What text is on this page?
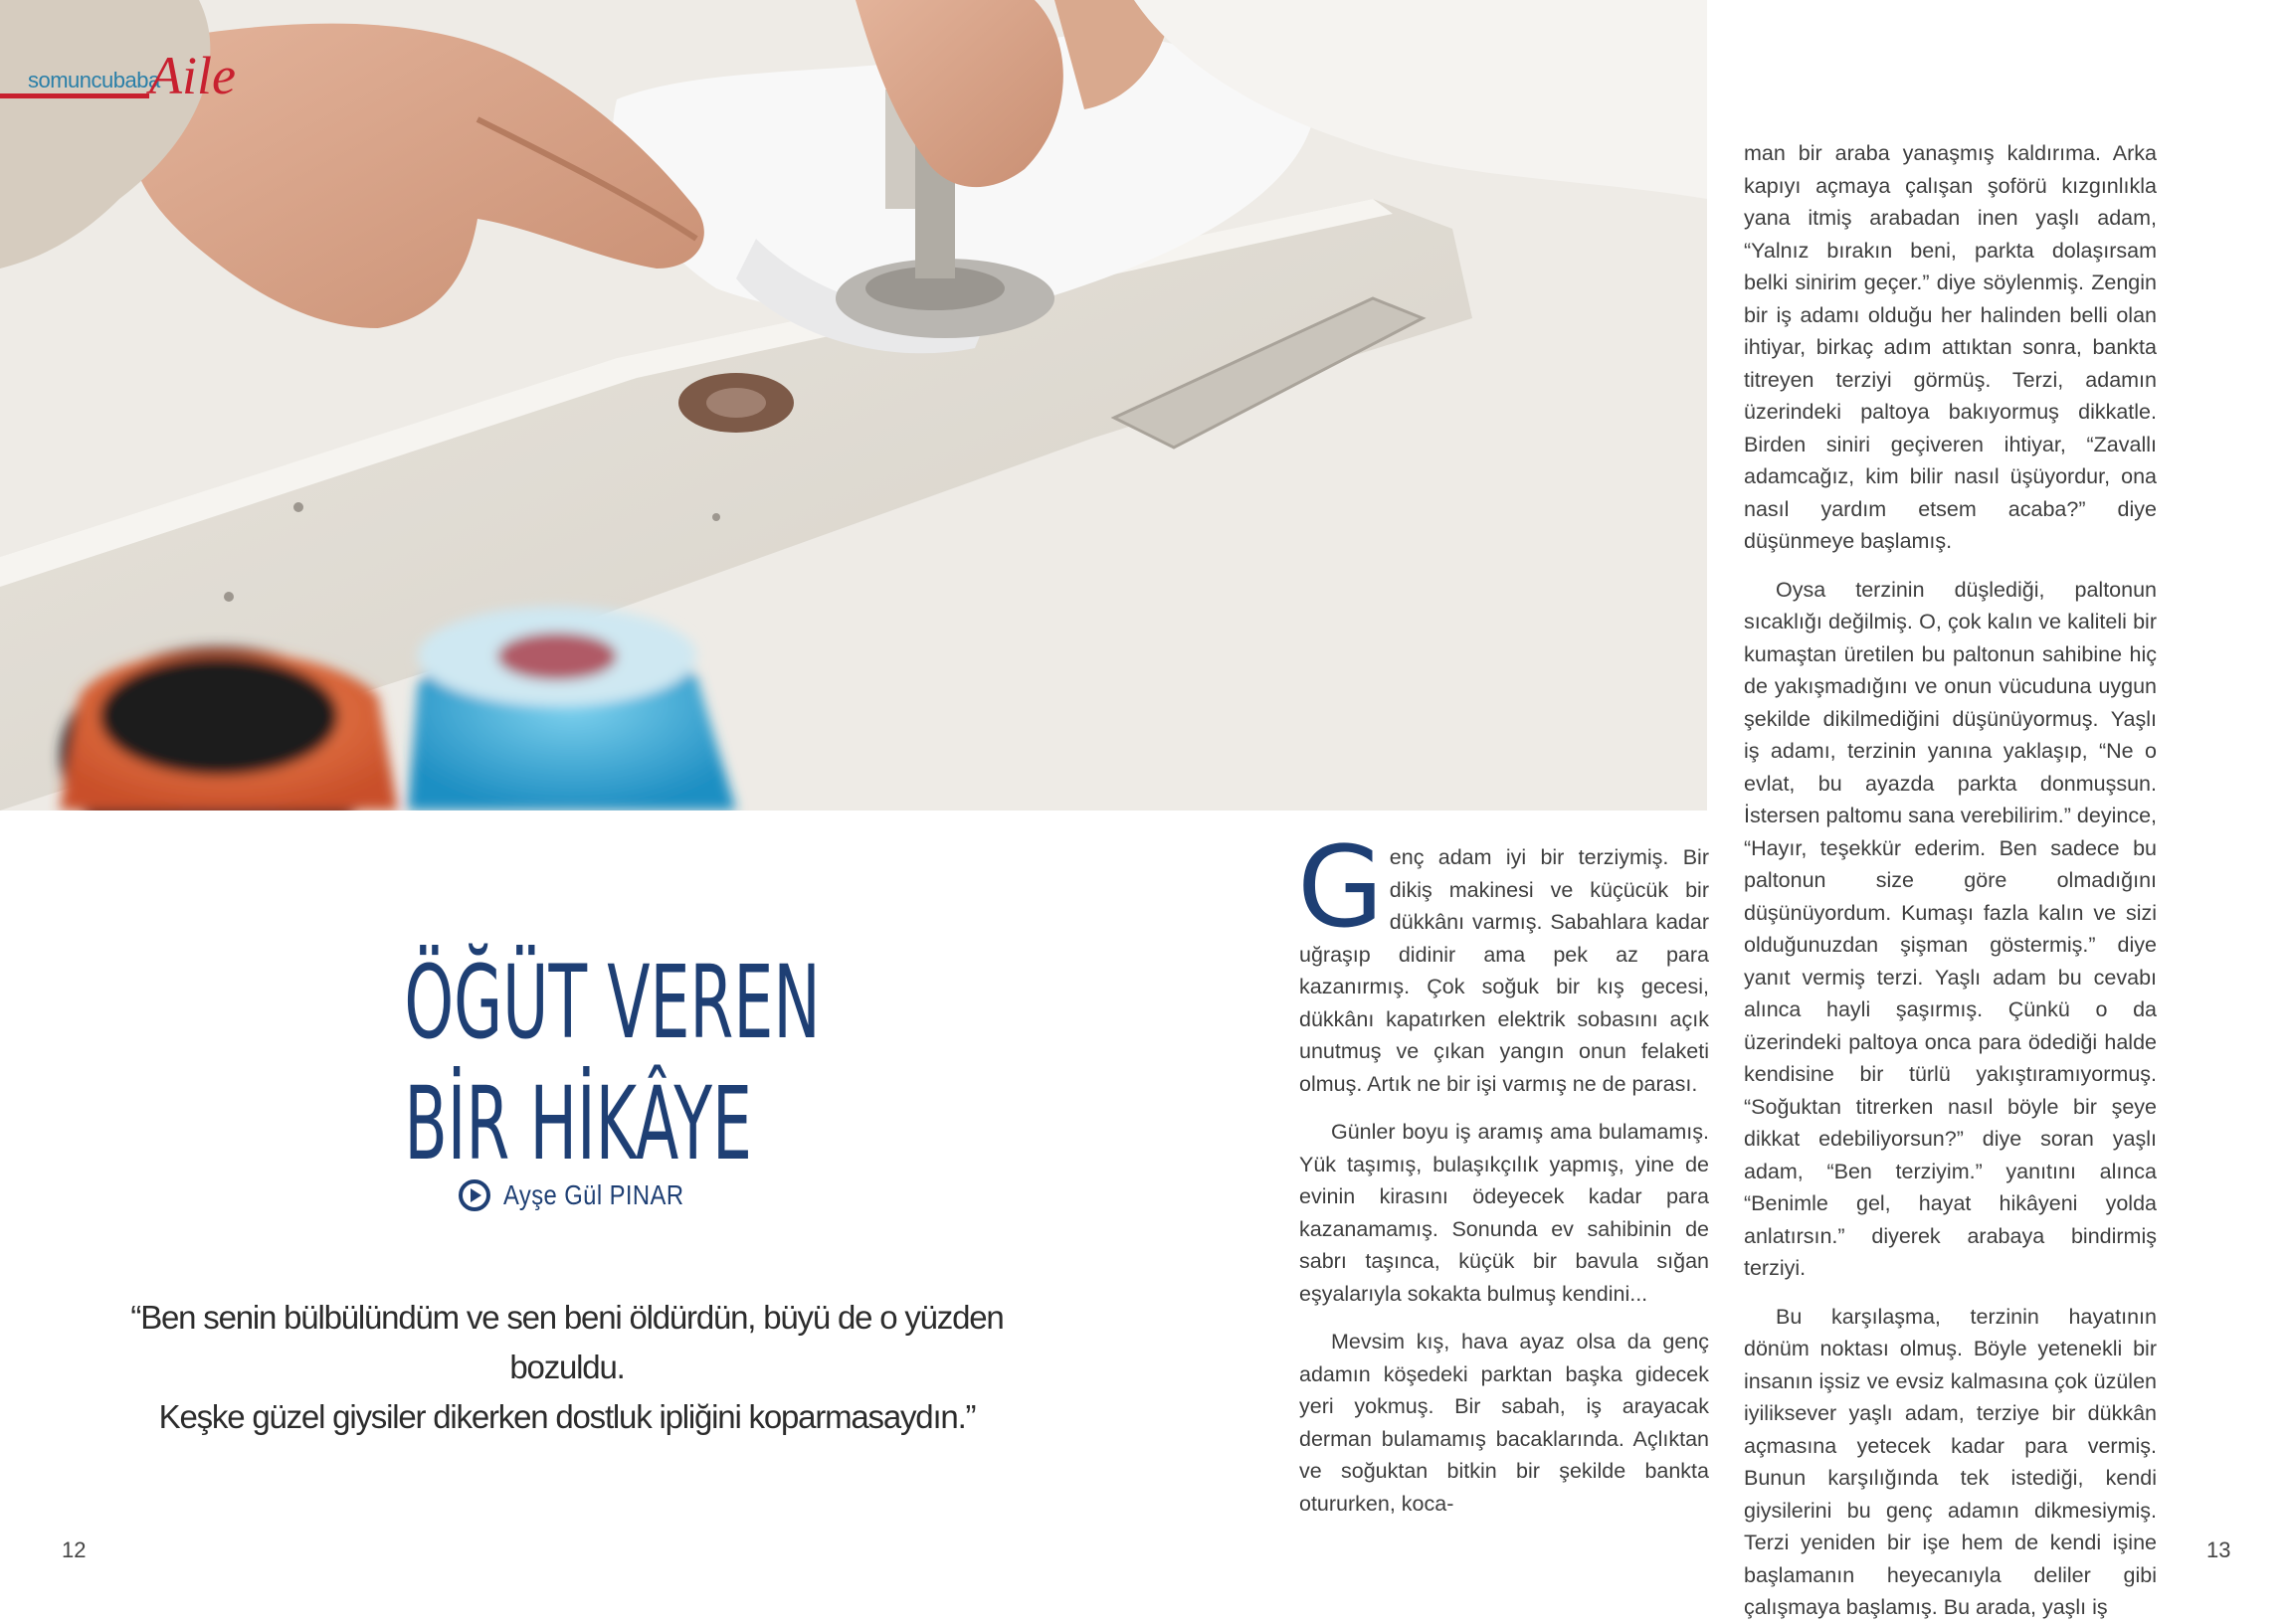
somuncubaba
Aile
ÖĞÜT VEREN
BİR HİKÂYE
Ayşe Gül PINAR
“Ben senin bülbülündüm ve sen beni öldürdün, büyü de o yüzden bozuldu.
Keşke güzel giysiler dikerken dostluk ipliğini koparmasaydın.”

Genç adam iyi bir terziymiş. Bir dikiş makinesi ve küçücük bir dükkânı varmış. Sabahlara kadar uğraşıp didinir ama pek az para kazanırmış. Çok soğuk bir kış gecesi, dükkânı kapatırken elektrik sobasını açık unutmuş ve çıkan yangın onun felaketi olmuş. Artık ne bir işi varmış ne de parası.

Günler boyu iş aramış ama bulamamış. Yük taşımış, bulaşıkçılık yapmış, yine de evinin kirasını ödeyecek kadar para kazanamamış. Sonunda ev sahibinin de sabrı taşınca, küçük bir bavula sığan eşyalarıyla sokakta bulmuş kendini...

Mevsim kış, hava ayaz olsa da genç adamın köşedeki parktan başka gidecek yeri yokmuş. Bir sabah, iş arayacak derman bulamamış bacaklarında. Açlıktan ve soğuktan bitkin bir şekilde bankta otururken, koca-

man bir araba yanaşmış kaldırıma. Arka kapıyı açmaya çalışan şoförü kızgınlıkla yana itmiş arabadan inen yaşlı adam, “Yalnız bırakın beni, parkta dolaşırsam belki sinirim geçer.” diye söylenmiş. Zengin bir iş adamı olduğu her halinden belli olan ihtiyar, birkaç adım attıktan sonra, bankta titreyen terziyi görmüş. Terzi, adamın üzerindeki paltoya bakıyormuş dikkatle. Birden siniri geçiveren ihtiyar, “Zavallı adamcağız, kim bilir nasıl üşüyordur, ona nasıl yardım etsem acaba?” diye düşünmeye başlamış.

Oysa terzinin düşlediği, paltonun sıcaklığı değilmiş. O, çok kalın ve kaliteli bir kumaştan üretilen bu paltonun sahibine hiç de yakışmadığını ve onun vücuduna uygun şekilde dikilmediğini düşünüyormuş. Yaşlı iş adamı, terzinin yanına yaklaşıp, “Ne o evlat, bu ayazda parkta donmuşsun. İstersen paltomu sana verebilirim.” deyince, “Hayır, teşekkür ederim. Ben sadece bu paltonun size göre olmadığını düşünüyordum. Kumaşı fazla kalın ve sizi olduğunuzdan şişman göstermiş.” diye yanıt vermiş terzi. Yaşlı adam bu cevabı alınca hayli şaşırmış. Çünkü o da üzerindeki paltoya onca para ödediği halde kendisine bir türlü yakıştıramıyormuş. “Soğuktan titrerken nasıl böyle bir şeye dikkat edebiliyorsun?” diye soran yaşlı adam, “Ben terziyim.” yanıtını alınca “Benimle gel, hayat hikâyeni yolda anlatırsın.” diyerek arabaya bindirmiş terziyi.

Bu karşılaşma, terzinin hayatının dönüm noktası olmuş. Böyle yetenekli bir insanın işsiz ve evsiz kalmasına çok üzülen iyiliksever yaşlı adam, terziye bir dükkân açmasına yetecek kadar para vermiş. Bunun karşılığında tek istediği, kendi giysilerini bu genç adamın dikmesiymiş. Terzi yeniden bir işe hem de kendi işine başlamanın heyecanıyla deliler gibi çalışmaya başlamış. Bu arada, yaşlı iş

12	13
